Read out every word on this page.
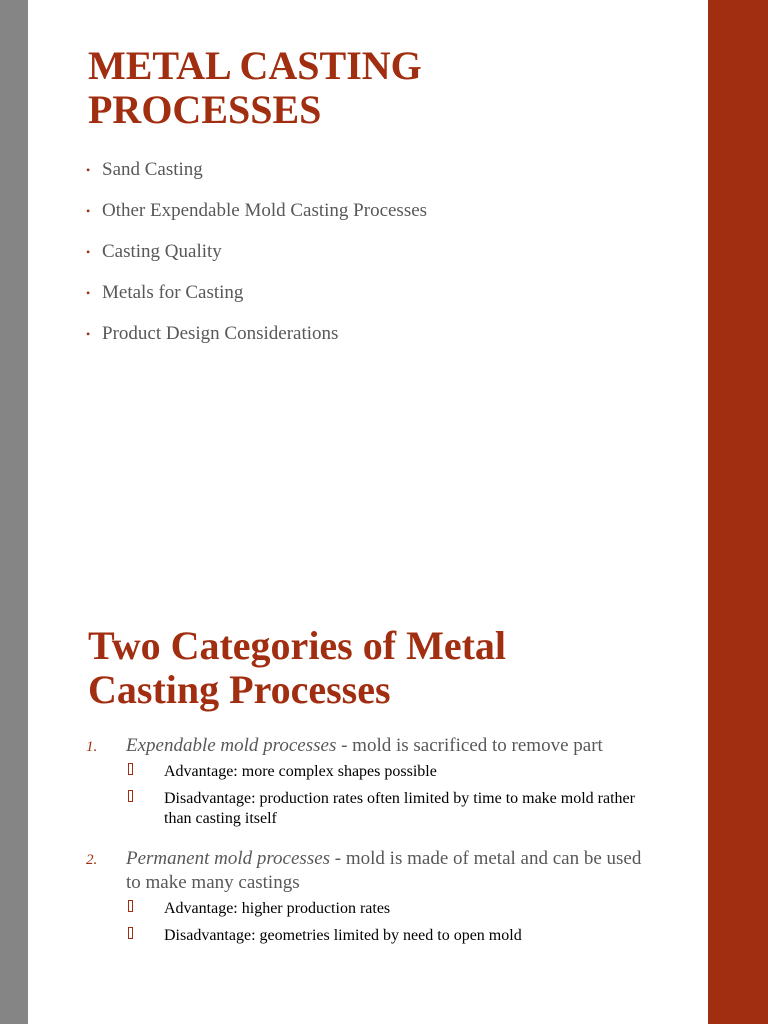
METAL CASTING
PROCESSES
• Sand Casting
• Other Expendable Mold Casting Processes
• Casting Quality
• Metals for Casting
• Product Design Considerations
Two Categories of Metal
Casting Processes
1. Expendable mold processes - mold is sacrificed to remove part
Advantage: more complex shapes possible
Disadvantage: production rates often limited by time to make mold rather than casting itself
2. Permanent mold processes - mold is made of metal and can be used to make many castings
Advantage: higher production rates
Disadvantage: geometries limited by need to open mold
